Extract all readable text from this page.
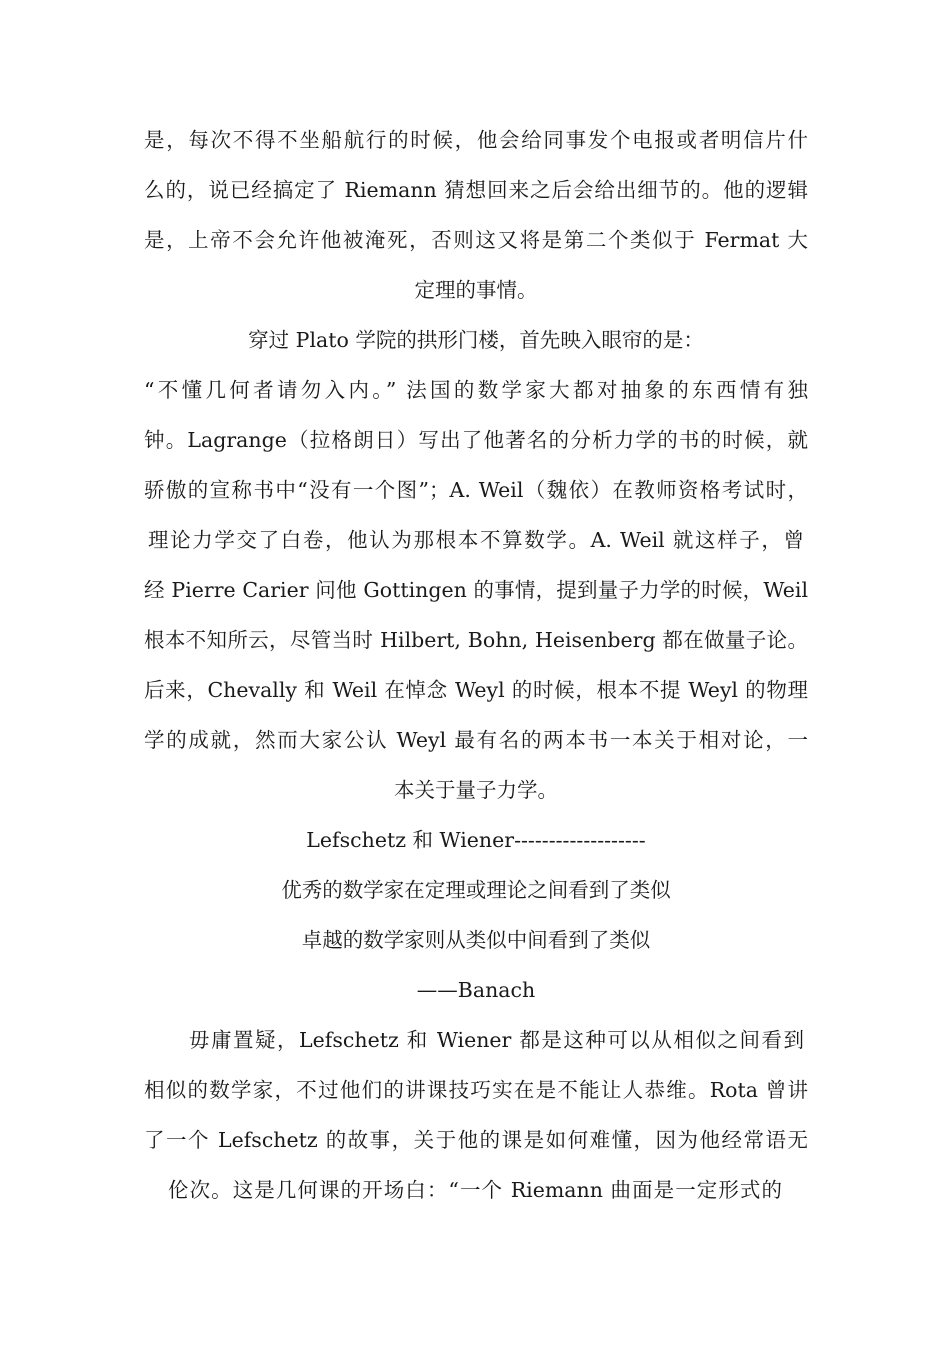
是，每次不得不坐船航行的时候，他会给同事发个电报或者明信片什
么的，说已经搞定了 Riemann 猜想回来之后会给出细节的。他的逻辑
是，上帝不会允许他被淹死，否则这又将是第二个类似于 Fermat 大
定理的事情。
穿过 Plato 学院的拱形门楼，首先映入眼帘的是：
“不懂几何者请勿入内。” 法国的数学家大都对抽象的东西情有独
钟。Lagrange（拉格朗日）写出了他著名的分析力学的书的时候，就
骄傲的宣称书中“没有一个图”；A. Weil（魏依）在教师资格考试时，
理论力学交了白卷，他认为那根本不算数学。A. Weil 就这样子，曾
经 Pierre Carier 问他 Gottingen 的事情，提到量子力学的时候，Weil
根本不知所云，尽管当时 Hilbert, Bohn, Heisenberg 都在做量子论。
后来，Chevally 和 Weil 在悼念 Weyl 的时候，根本不提 Weyl 的物理
学的成就，然而大家公认 Weyl 最有名的两本书一本关于相对论，一
本关于量子力学。
Lefschetz 和 Wiener-------------------
优秀的数学家在定理或理论之间看到了类似
卓越的数学家则从类似中间看到了类似
——Banach
毋庸置疑，Lefschetz 和 Wiener 都是这种可以从相似之间看到
相似的数学家，不过他们的讲课技巧实在是不能让人恭维。Rota 曾讲
了一个 Lefschetz 的故事，关于他的课是如何难懂，因为他经常语无
伦次。这是几何课的开场白：“一个 Riemann 曲面是一定形式的
